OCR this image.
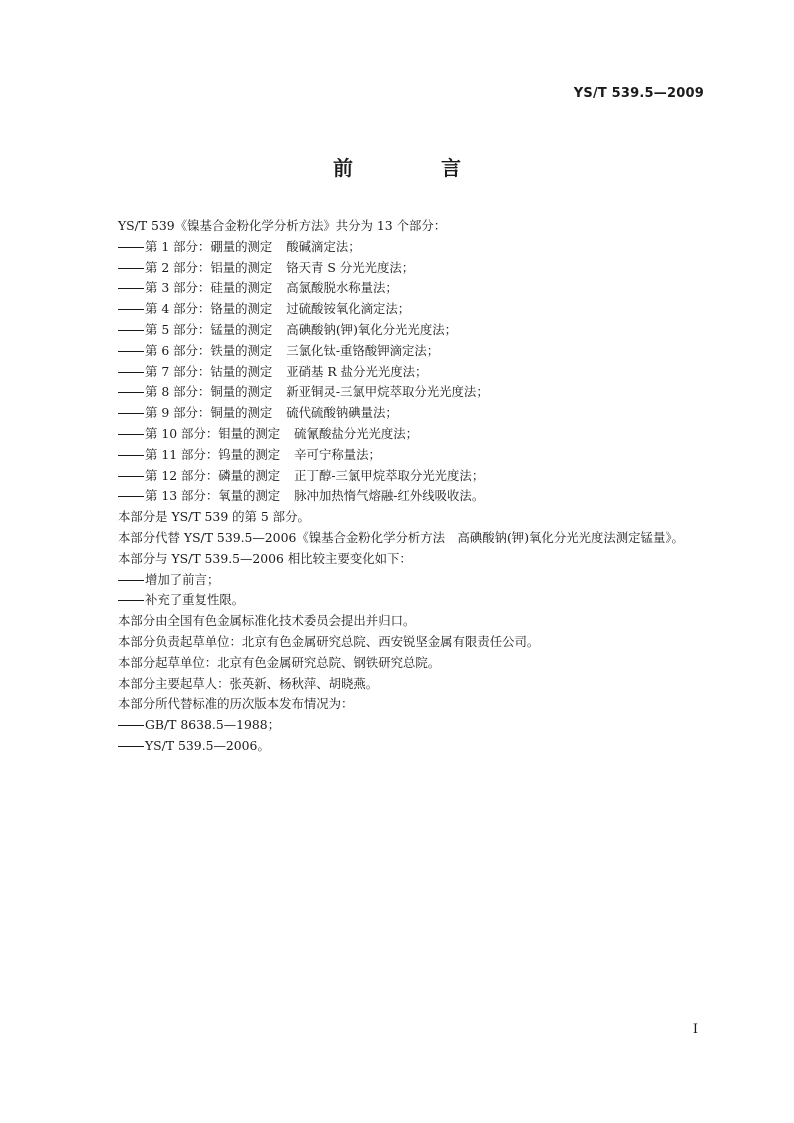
YS/T 539.5—2009
前　言

YS/T 539《镍基合金粉化学分析方法》共分为 13 个部分：

第 1 部分：硼量的测定 酸碱滴定法；
第 2 部分：铝量的测定 铬天青 S 分光光度法；
第 3 部分：硅量的测定 高氯酸脱水称量法；
第 4 部分：铬量的测定 过硫酸铵氧化滴定法；
第 5 部分：锰量的测定 高碘酸钠(钾)氧化分光光度法；
第 6 部分：铁量的测定 三氯化钛-重铬酸钾滴定法；
第 7 部分：钴量的测定 亚硝基 R 盐分光光度法；
第 8 部分：铜量的测定 新亚铜灵-三氯甲烷萃取分光光度法；
第 9 部分：铜量的测定 硫代硫酸钠碘量法；
第 10 部分：钼量的测定 硫氰酸盐分光光度法；
第 11 部分：钨量的测定 辛可宁称量法；
第 12 部分：磷量的测定 正丁醇-三氯甲烷萃取分光光度法；
第 13 部分：氧量的测定 脉冲加热惰气熔融-红外线吸收法。

本部分是 YS/T 539 的第 5 部分。

本部分代替 YS/T 539.5—2006《镍基合金粉化学分析方法　高碘酸钠(钾)氧化分光光度法测定锰量》。

本部分与 YS/T 539.5—2006 相比较主要变化如下：

增加了前言；
补充了重复性限。

本部分由全国有色金属标准化技术委员会提出并归口。

本部分负责起草单位：北京有色金属研究总院、西安锐坚金属有限责任公司。

本部分起草单位：北京有色金属研究总院、钢铁研究总院。

本部分主要起草人：张英新、杨秋萍、胡晓燕。

本部分所代替标准的历次版本发布情况为：

GB/T 8638.5—1988；
YS/T 539.5—2006。
I
